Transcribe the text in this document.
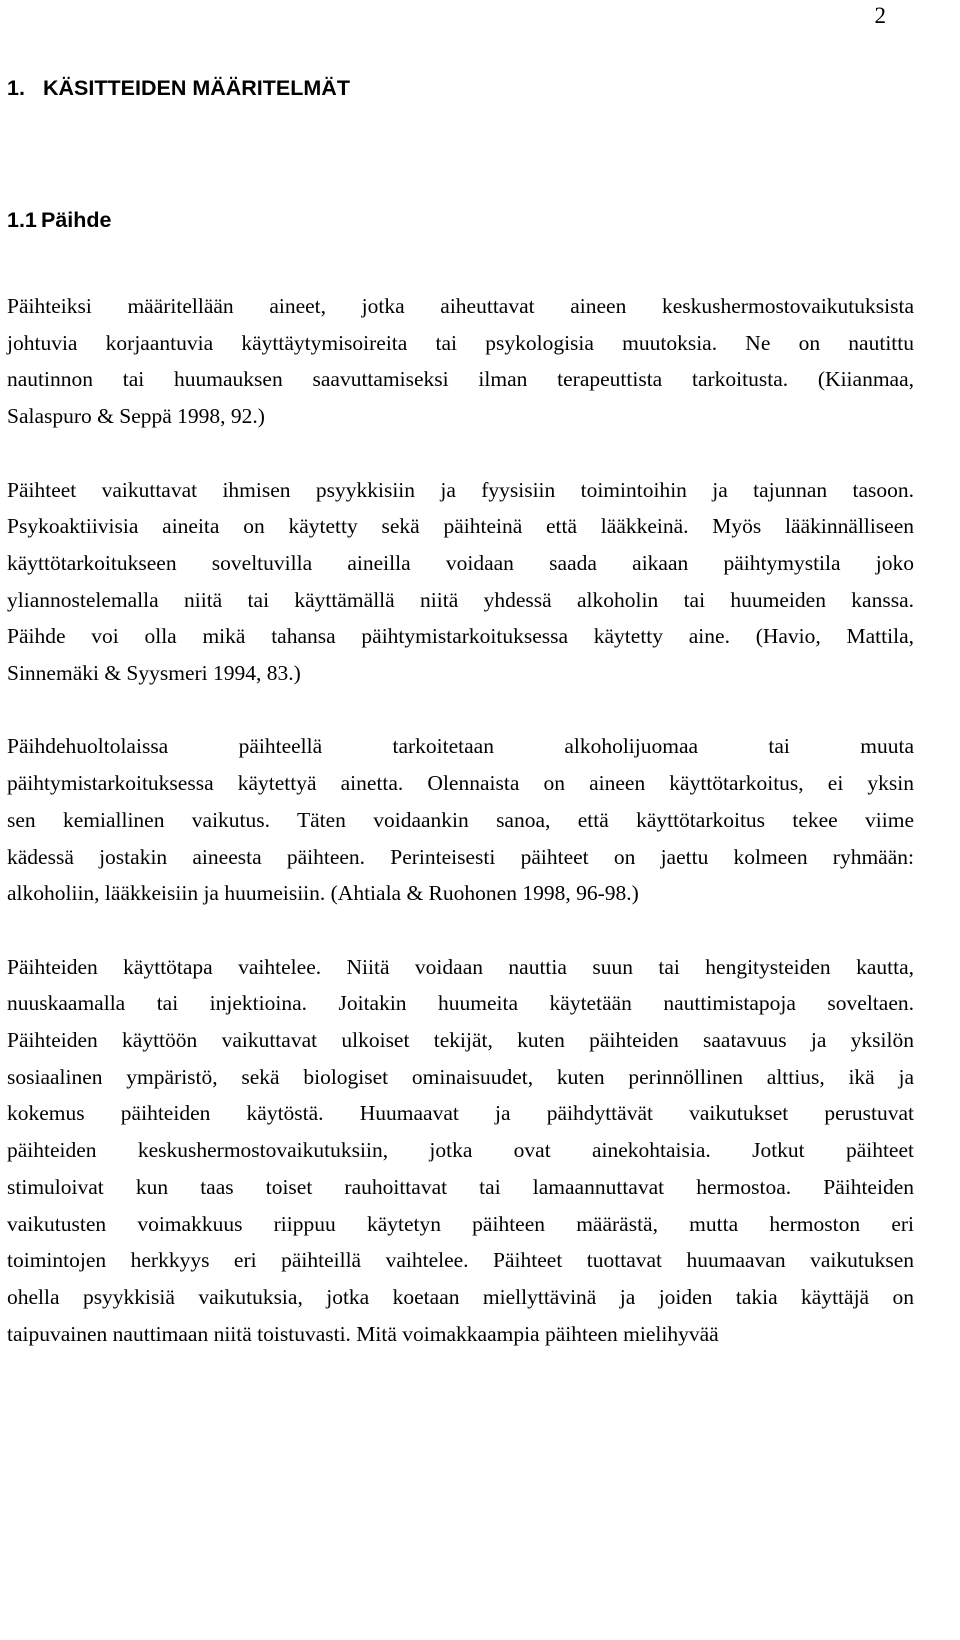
2
1. KÄSITTEIDEN MÄÄRITELMÄT
1.1 Päihde

Päihteiksi määritellään aineet, jotka aiheuttavat aineen keskushermostovaikutuksista
johtuvia korjaantuvia käyttäytymisoireita tai psykologisia muutoksia. Ne on nautittu
nautinnon tai huumauksen saavuttamiseksi ilman terapeuttista tarkoitusta. (Kiianmaa,
Salaspuro & Seppä 1998, 92.)

Päihteet vaikuttavat ihmisen psyykkisiin ja fyysisiin toimintoihin ja tajunnan tasoon.
Psykoaktiivisia aineita on käytetty sekä päihteinä että lääkkeinä. Myös lääkinnälliseen
käyttötarkoitukseen soveltuvilla aineilla voidaan saada aikaan päihtymystila joko
yliannostelemalla niitä tai käyttämällä niitä yhdessä alkoholin tai huumeiden kanssa.
Päihde voi olla mikä tahansa päihtymistarkoituksessa käytetty aine. (Havio, Mattila,
Sinnemäki & Syysmeri 1994, 83.)

Päihdehuoltolaissa päihteellä tarkoitetaan alkoholijuomaa tai muuta
päihtymistarkoituksessa käytettyä ainetta. Olennaista on aineen käyttötarkoitus, ei yksin
sen kemiallinen vaikutus. Täten voidaankin sanoa, että käyttötarkoitus tekee viime
kädessä jostakin aineesta päihteen. Perinteisesti päihteet on jaettu kolmeen ryhmään:
alkoholiin, lääkkeisiin ja huumeisiin. (Ahtiala & Ruohonen 1998, 96-98.)

Päihteiden käyttötapa vaihtelee. Niitä voidaan nauttia suun tai hengitysteiden kautta,
nuuskaamalla tai injektioina. Joitakin huumeita käytetään nauttimistapoja soveltaen.
Päihteiden käyttöön vaikuttavat ulkoiset tekijät, kuten päihteiden saatavuus ja yksilön
sosiaalinen ympäristö, sekä biologiset ominaisuudet, kuten perinnöllinen alttius, ikä ja
kokemus päihteiden käytöstä. Huumaavat ja päihdyttävät vaikutukset perustuvat
päihteiden keskushermostovaikutuksiin, jotka ovat ainekohtaisia. Jotkut päihteet
stimuloivat kun taas toiset rauhoittavat tai lamaannuttavat hermostoa. Päihteiden
vaikutusten voimakkuus riippuu käytetyn päihteen määrästä, mutta hermoston eri
toimintojen herkkyys eri päihteillä vaihtelee. Päihteet tuottavat huumaavan vaikutuksen
ohella psyykkisiä vaikutuksia, jotka koetaan miellyttävinä ja joiden takia käyttäjä on
taipuvainen nauttimaan niitä toistuvasti. Mitä voimakkaampia päihteen mielihyvää
